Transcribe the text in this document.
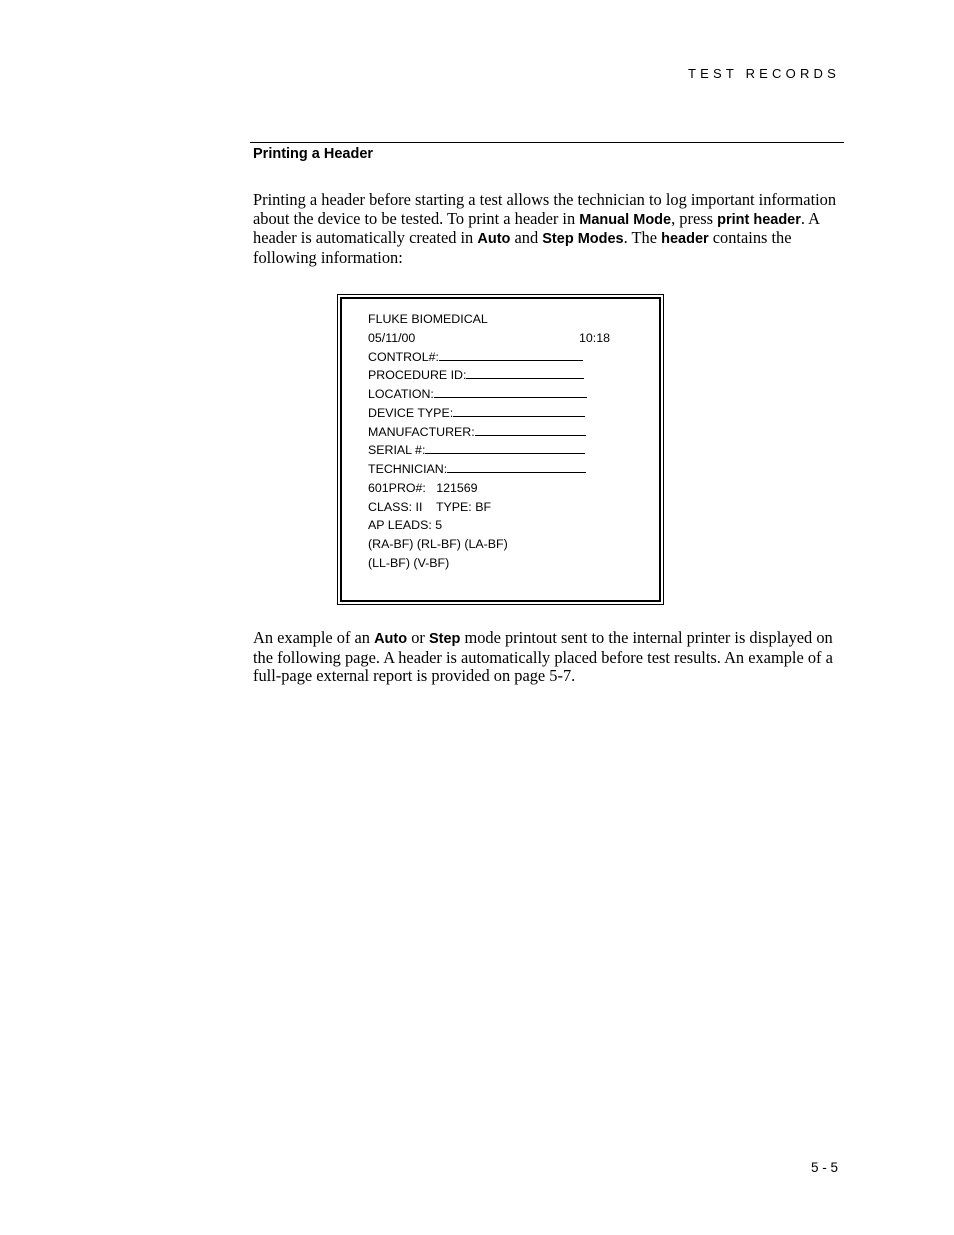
TEST RECORDS
Printing a Header

Printing a header before starting a test allows the technician to log important information about the device to be tested. To print a header in Manual Mode, press print header. A header is automatically created in Auto and Step Modes. The header contains the following information:

FLUKE BIOMEDICAL
05/11/00	10:18
CONTROL#:
PROCEDURE ID:
LOCATION:
DEVICE TYPE:
MANUFACTURER:
SERIAL #:
TECHNICIAN:
601PRO#: 121569
CLASS: II    TYPE: BF
AP LEADS: 5
(RA-BF) (RL-BF) (LA-BF)
(LL-BF) (V-BF)

An example of an Auto or Step mode printout sent to the internal printer is displayed on the following page. A header is automatically placed before test results. An example of a full-page external report is provided on page 5-7.

5 - 5
